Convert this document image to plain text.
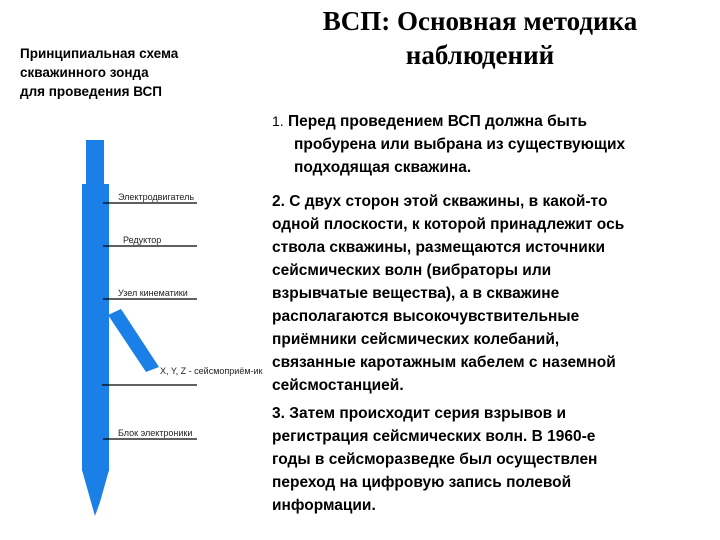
Принципиальная схема
скважинного зонда
для проведения ВСП
ВСП: Основная методика
наблюдений
Электродвигатель
Редуктор
Узел кинематики
X, Y, Z - сейсмоприём-ик
Блок электроники
1. Перед проведением ВСП должна быть
пробурена или выбрана из существующих
подходящая скважина.
2. С двух сторон этой скважины, в какой-то
одной плоскости, к которой принадлежит ось
ствола скважины, размещаются источники
сейсмических волн (вибраторы или
взрывчатые вещества), а в скважине
располагаются высокочувствительные
приёмники сейсмических колебаний,
связанные каротажным кабелем с наземной
сейсмостанцией.
3. Затем происходит серия взрывов и
регистрация сейсмических волн. В 1960-е
годы в сейсморазведке был осуществлен
переход на цифровую запись полевой
информации.
